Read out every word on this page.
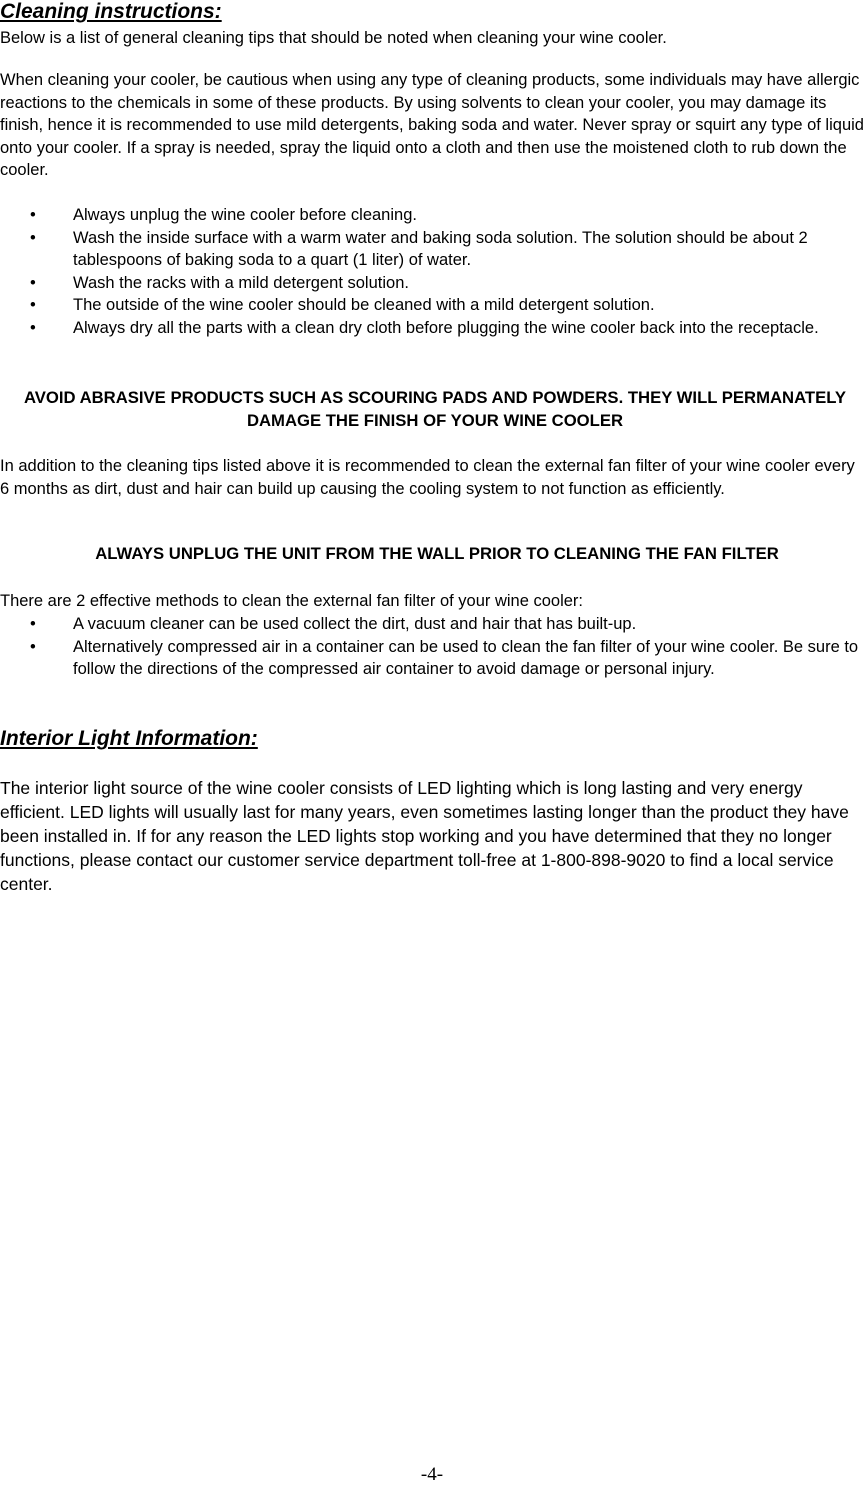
Cleaning instructions:

Below is a list of general cleaning tips that should be noted when cleaning your wine cooler.

When cleaning your cooler, be cautious when using any type of cleaning products, some individuals may have allergic reactions to the chemicals in some of these products. By using solvents to clean your cooler, you may damage its finish, hence it is recommended to use mild detergents, baking soda and water. Never spray or squirt any type of liquid onto your cooler. If a spray is needed, spray the liquid onto a cloth and then use the moistened cloth to rub down the cooler.

• Always unplug the wine cooler before cleaning.
• Wash the inside surface with a warm water and baking soda solution. The solution should be about 2 tablespoons of baking soda to a quart (1 liter) of water.
• Wash the racks with a mild detergent solution.
• The outside of the wine cooler should be cleaned with a mild detergent solution.
• Always dry all the parts with a clean dry cloth before plugging the wine cooler back into the receptacle.

AVOID ABRASIVE PRODUCTS SUCH AS SCOURING PADS AND POWDERS. THEY WILL PERMANATELY DAMAGE THE FINISH OF YOUR WINE COOLER

In addition to the cleaning tips listed above it is recommended to clean the external fan filter of your wine cooler every 6 months as dirt, dust and hair can build up causing the cooling system to not function as efficiently.

ALWAYS UNPLUG THE UNIT FROM THE WALL PRIOR TO CLEANING THE FAN FILTER

There are 2 effective methods to clean the external fan filter of your wine cooler:

• A vacuum cleaner can be used collect the dirt, dust and hair that has built-up.
• Alternatively compressed air in a container can be used to clean the fan filter of your wine cooler. Be sure to follow the directions of the compressed air container to avoid damage or personal injury.
Interior Light Information:

The interior light source of the wine cooler consists of LED lighting which is long lasting and very energy efficient. LED lights will usually last for many years, even sometimes lasting longer than the product they have been installed in. If for any reason the LED lights stop working and you have determined that they no longer functions, please contact our customer service department toll-free at 1-800-898-9020 to find a local service center.

-4-
